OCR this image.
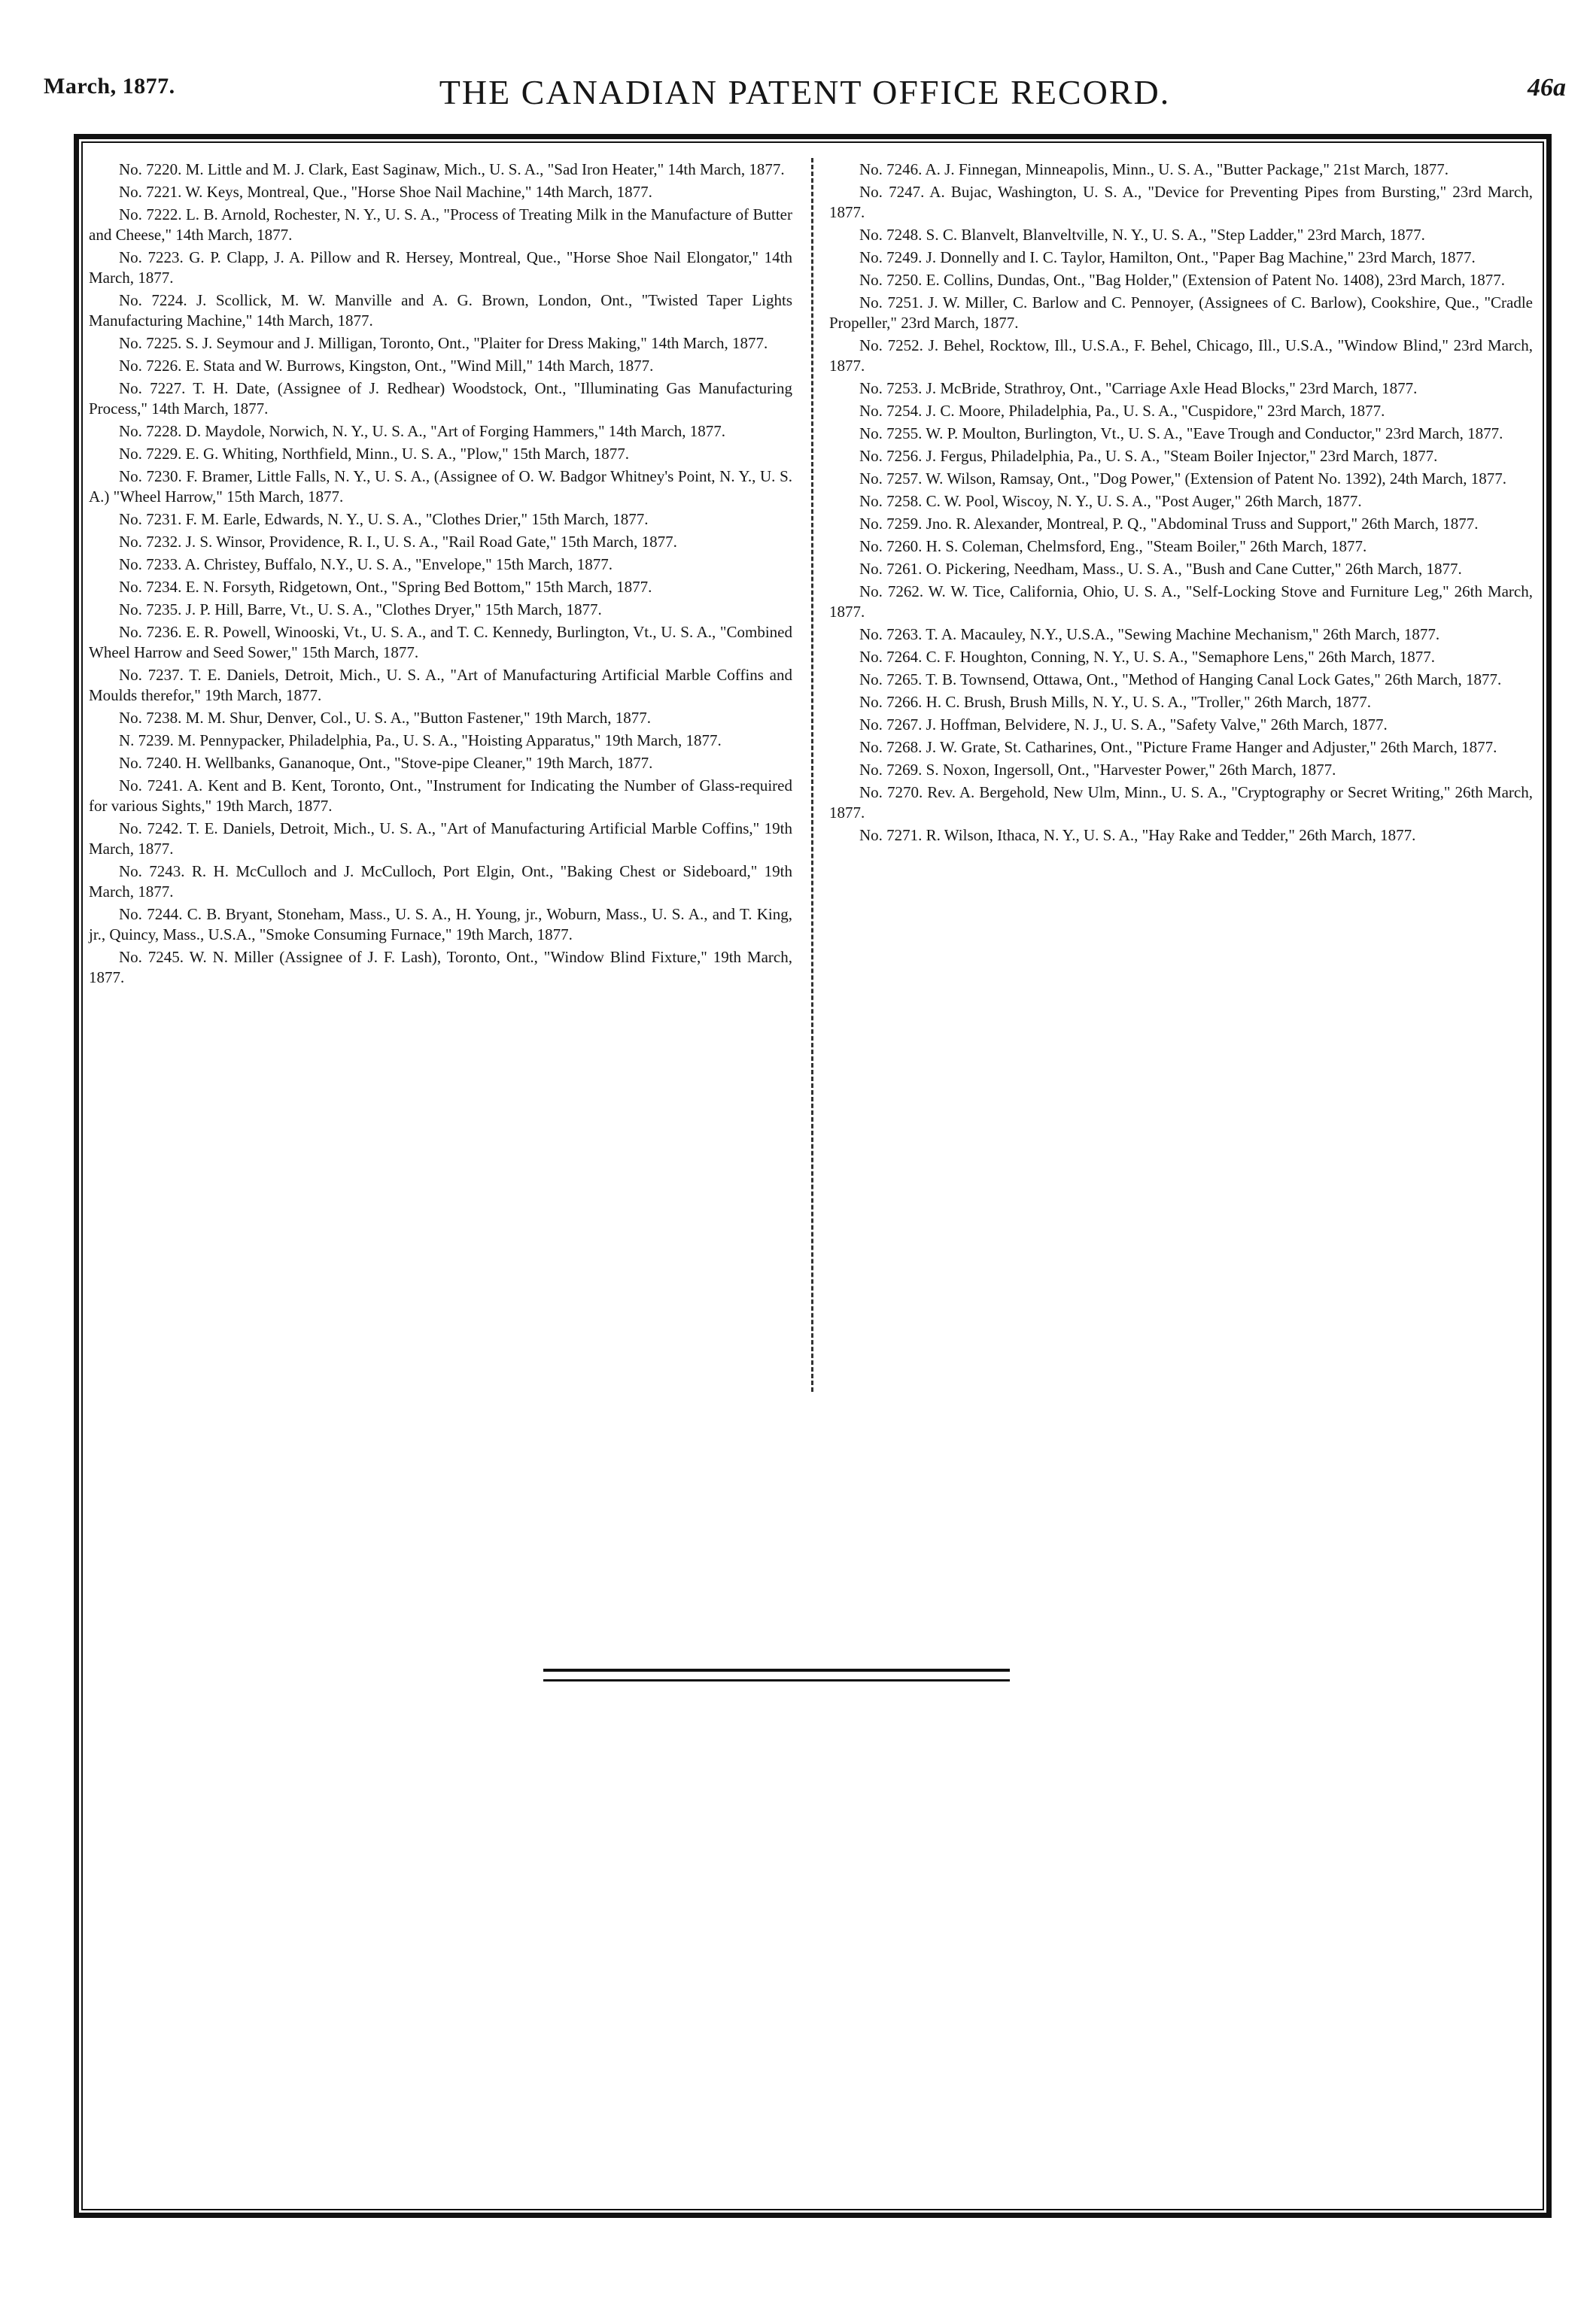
March, 1877.	THE CANADIAN PATENT OFFICE RECORD.	46a

No. 7220. M. Little and M. J. Clark, East Saginaw, Mich., U. S. A., "Sad Iron Heater," 14th March, 1877.

No. 7221. W. Keys, Montreal, Que., "Horse Shoe Nail Machine," 14th March, 1877.

No. 7222. L. B. Arnold, Rochester, N. Y., U. S. A., "Process of Treating Milk in the Manufacture of Butter and Cheese," 14th March, 1877.

No. 7223. G. P. Clapp, J. A. Pillow and R. Hersey, Montreal, Que., "Horse Shoe Nail Elongator," 14th March, 1877.

No. 7224. J. Scollick, M. W. Manville and A. G. Brown, London, Ont., "Twisted Taper Lights Manufacturing Machine," 14th March, 1877.

No. 7225. S. J. Seymour and J. Milligan, Toronto, Ont., "Plaiter for Dress Making," 14th March, 1877.

No. 7226. E. Stata and W. Burrows, Kingston, Ont., "Wind Mill," 14th March, 1877.

No. 7227. T. H. Date, (Assignee of J. Redhear) Woodstock, Ont., "Illuminating Gas Manufacturing Process," 14th March, 1877.

No. 7228. D. Maydole, Norwich, N. Y., U. S. A., "Art of Forging Hammers," 14th March, 1877.

No. 7229. E. G. Whiting, Northfield, Minn., U. S. A., "Plow," 15th March, 1877.

No. 7230. F. Bramer, Little Falls, N. Y., U. S. A., (Assignee of O. W. Badgor Whitney's Point, N. Y., U. S. A.) "Wheel Harrow," 15th March, 1877.

No. 7231. F. M. Earle, Edwards, N. Y., U. S. A., "Clothes Drier," 15th March, 1877.

No. 7232. J. S. Winsor, Providence, R. I., U. S. A., "Rail Road Gate," 15th March, 1877.

No. 7233. A. Christey, Buffalo, N.Y., U. S. A., "Envelope," 15th March, 1877.

No. 7234. E. N. Forsyth, Ridgetown, Ont., "Spring Bed Bottom," 15th March, 1877.

No. 7235. J. P. Hill, Barre, Vt., U. S. A., "Clothes Dryer," 15th March, 1877.

No. 7236. E. R. Powell, Winooski, Vt., U. S. A., and T. C. Kennedy, Burlington, Vt., U. S. A., "Combined Wheel Harrow and Seed Sower," 15th March, 1877.

No. 7237. T. E. Daniels, Detroit, Mich., U. S. A., "Art of Manufacturing Artificial Marble Coffins and Moulds therefor," 19th March, 1877.

No. 7238. M. M. Shur, Denver, Col., U. S. A., "Button Fastener," 19th March, 1877.

N. 7239. M. Pennypacker, Philadelphia, Pa., U. S. A., "Hoisting Apparatus," 19th March, 1877.

No. 7240. H. Wellbanks, Gananoque, Ont., "Stove-pipe Cleaner," 19th March, 1877.

No. 7241. A. Kent and B. Kent, Toronto, Ont., "Instrument for Indicating the Number of Glass-required for various Sights," 19th March, 1877.

No. 7242. T. E. Daniels, Detroit, Mich., U. S. A., "Art of Manufacturing Artificial Marble Coffins," 19th March, 1877.

No. 7243. R. H. McCulloch and J. McCulloch, Port Elgin, Ont., "Baking Chest or Sideboard," 19th March, 1877.

No. 7244. C. B. Bryant, Stoneham, Mass., U. S. A., H. Young, jr., Woburn, Mass., U. S. A., and T. King, jr., Quincy, Mass., U.S.A., "Smoke Consuming Furnace," 19th March, 1877.

No. 7245. W. N. Miller (Assignee of J. F. Lash), Toronto, Ont., "Window Blind Fixture," 19th March, 1877.

No. 7246. A. J. Finnegan, Minneapolis, Minn., U. S. A., "Butter Package," 21st March, 1877.

No. 7247. A. Bujac, Washington, U. S. A., "Device for Preventing Pipes from Bursting," 23rd March, 1877.

No. 7248. S. C. Blanvelt, Blanveltville, N. Y., U. S. A., "Step Ladder," 23rd March, 1877.

No. 7249. J. Donnelly and I. C. Taylor, Hamilton, Ont., "Paper Bag Machine," 23rd March, 1877.

No. 7250. E. Collins, Dundas, Ont., "Bag Holder," (Extension of Patent No. 1408), 23rd March, 1877.

No. 7251. J. W. Miller, C. Barlow and C. Pennoyer, (Assignees of C. Barlow), Cookshire, Que., "Cradle Propeller," 23rd March, 1877.

No. 7252. J. Behel, Rocktow, Ill., U.S.A., F. Behel, Chicago, Ill., U.S.A., "Window Blind," 23rd March, 1877.

No. 7253. J. McBride, Strathroy, Ont., "Carriage Axle Head Blocks," 23rd March, 1877.

No. 7254. J. C. Moore, Philadelphia, Pa., U. S. A., "Cuspidore," 23rd March, 1877.

No. 7255. W. P. Moulton, Burlington, Vt., U. S. A., "Eave Trough and Conductor," 23rd March, 1877.

No. 7256. J. Fergus, Philadelphia, Pa., U. S. A., "Steam Boiler Injector," 23rd March, 1877.

No. 7257. W. Wilson, Ramsay, Ont., "Dog Power," (Extension of Patent No. 1392), 24th March, 1877.

No. 7258. C. W. Pool, Wiscoy, N. Y., U. S. A., "Post Auger," 26th March, 1877.

No. 7259. Jno. R. Alexander, Montreal, P. Q., "Abdominal Truss and Support," 26th March, 1877.

No. 7260. H. S. Coleman, Chelmsford, Eng., "Steam Boiler," 26th March, 1877.

No. 7261. O. Pickering, Needham, Mass., U. S. A., "Bush and Cane Cutter," 26th March, 1877.

No. 7262. W. W. Tice, California, Ohio, U. S. A., "Self-Locking Stove and Furniture Leg," 26th March, 1877.

No. 7263. T. A. Macauley, N.Y., U.S.A., "Sewing Machine Mechanism," 26th March, 1877.

No. 7264. C. F. Houghton, Conning, N. Y., U. S. A., "Semaphore Lens," 26th March, 1877.

No. 7265. T. B. Townsend, Ottawa, Ont., "Method of Hanging Canal Lock Gates," 26th March, 1877.

No. 7266. H. C. Brush, Brush Mills, N. Y., U. S. A., "Troller," 26th March, 1877.

No. 7267. J. Hoffman, Belvidere, N. J., U. S. A., "Safety Valve," 26th March, 1877.

No. 7268. J. W. Grate, St. Catharines, Ont., "Picture Frame Hanger and Adjuster," 26th March, 1877.

No. 7269. S. Noxon, Ingersoll, Ont., "Harvester Power," 26th March, 1877.

No. 7270. Rev. A. Bergehold, New Ulm, Minn., U. S. A., "Cryptography or Secret Writing," 26th March, 1877.

No. 7271. R. Wilson, Ithaca, N. Y., U. S. A., "Hay Rake and Tedder," 26th March, 1877.
